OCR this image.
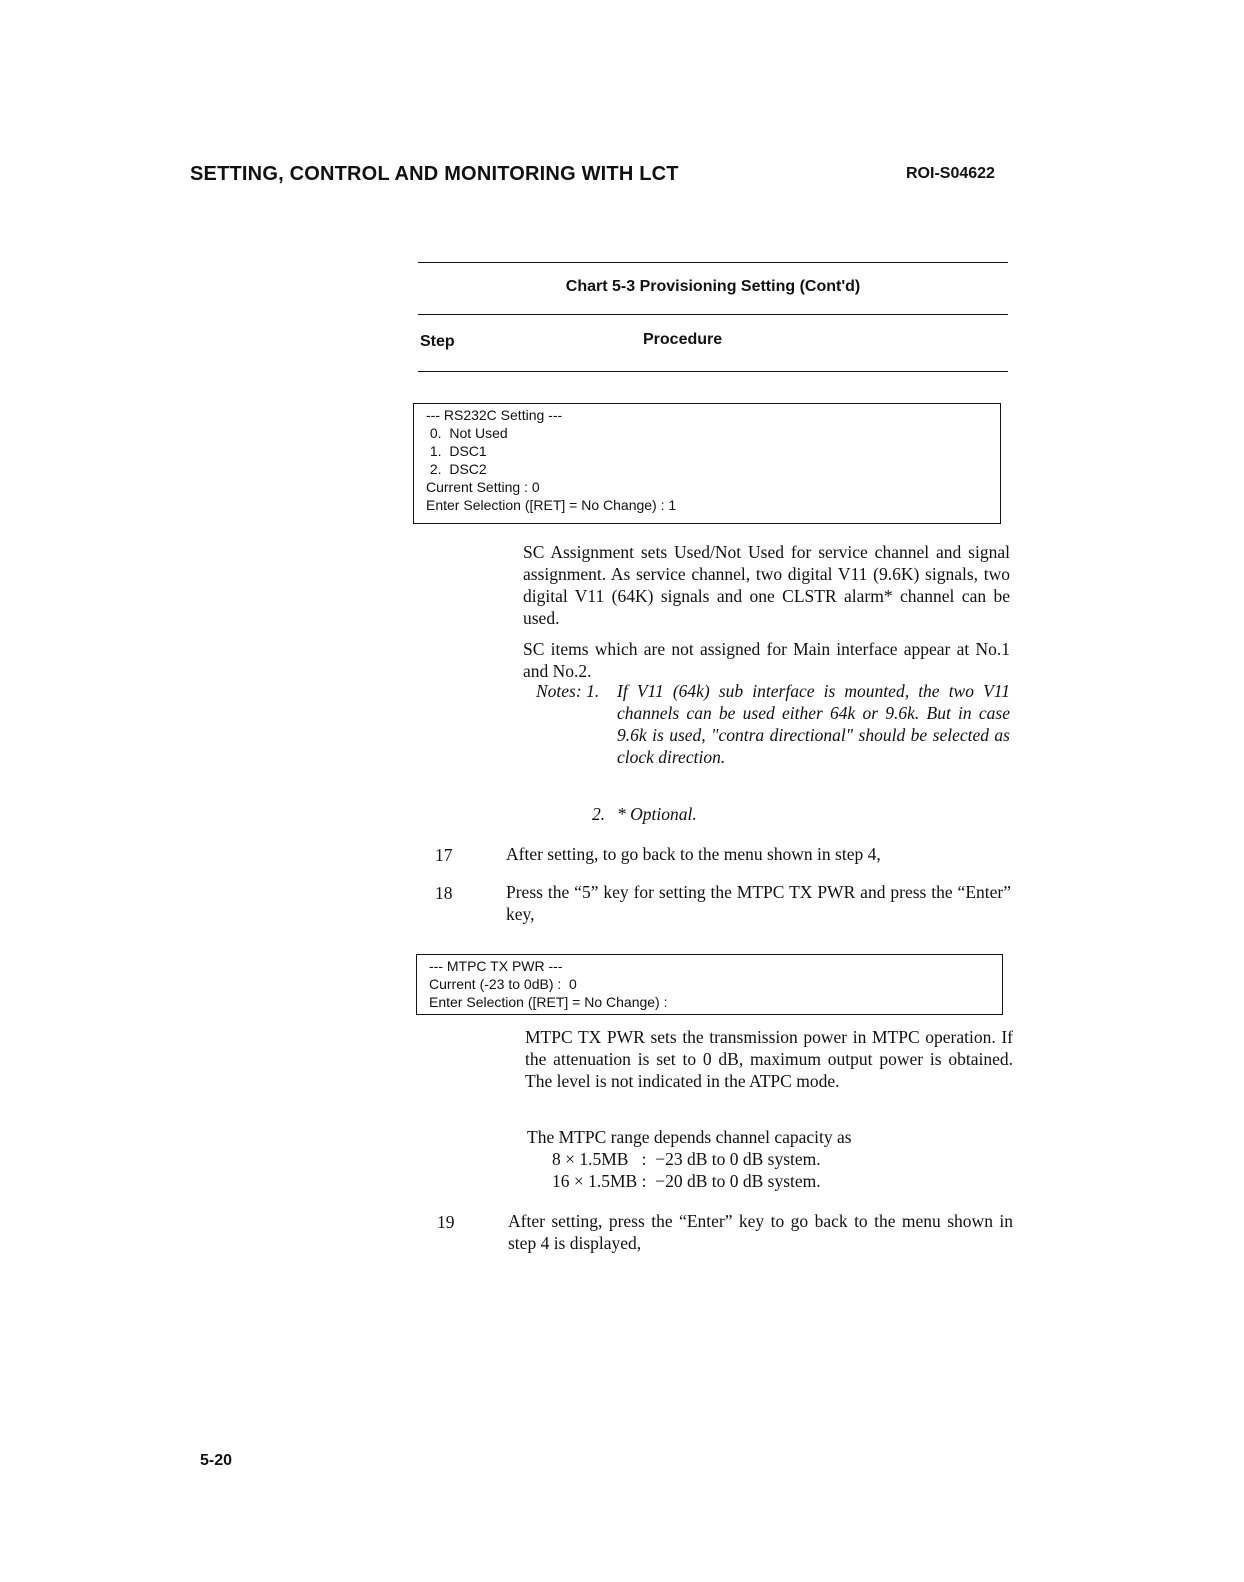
SETTING, CONTROL AND MONITORING WITH LCT	ROI-S04622
Chart 5-3 Provisioning Setting (Cont'd)
Step	Procedure
--- RS232C Setting ---
0.  Not Used
1.  DSC1
2.  DSC2
Current Setting : 0
Enter Selection ([RET] = No Change) : 1
SC Assignment sets Used/Not Used for service channel and signal assignment. As service channel, two digital V11 (9.6K) signals, two digital V11 (64K) signals and one CLSTR alarm* channel can be used.
SC items which are not assigned for Main interface appear at No.1 and No.2.
Notes: 1. If V11 (64k) sub interface is mounted, the two V11 channels can be used either 64k or 9.6k. But in case 9.6k is used, "contra directional" should be selected as clock direction.
2. * Optional.
17	After setting, to go back to the menu shown in step 4,
18	Press the “5” key for setting the MTPC TX PWR and press the “Enter” key,
--- MTPC TX PWR ---
Current (-23 to 0dB) :  0
Enter Selection ([RET] = No Change) :
MTPC TX PWR sets the transmission power in MTPC operation. If the attenuation is set to 0 dB, maximum output power is obtained. The level is not indicated in the ATPC mode.
The MTPC range depends channel capacity as
8 × 1.5MB   :  −23 dB to 0 dB system.
16 × 1.5MB :  −20 dB to 0 dB system.
19	After setting, press the “Enter” key to go back to the menu shown in step 4 is displayed,
5-20
